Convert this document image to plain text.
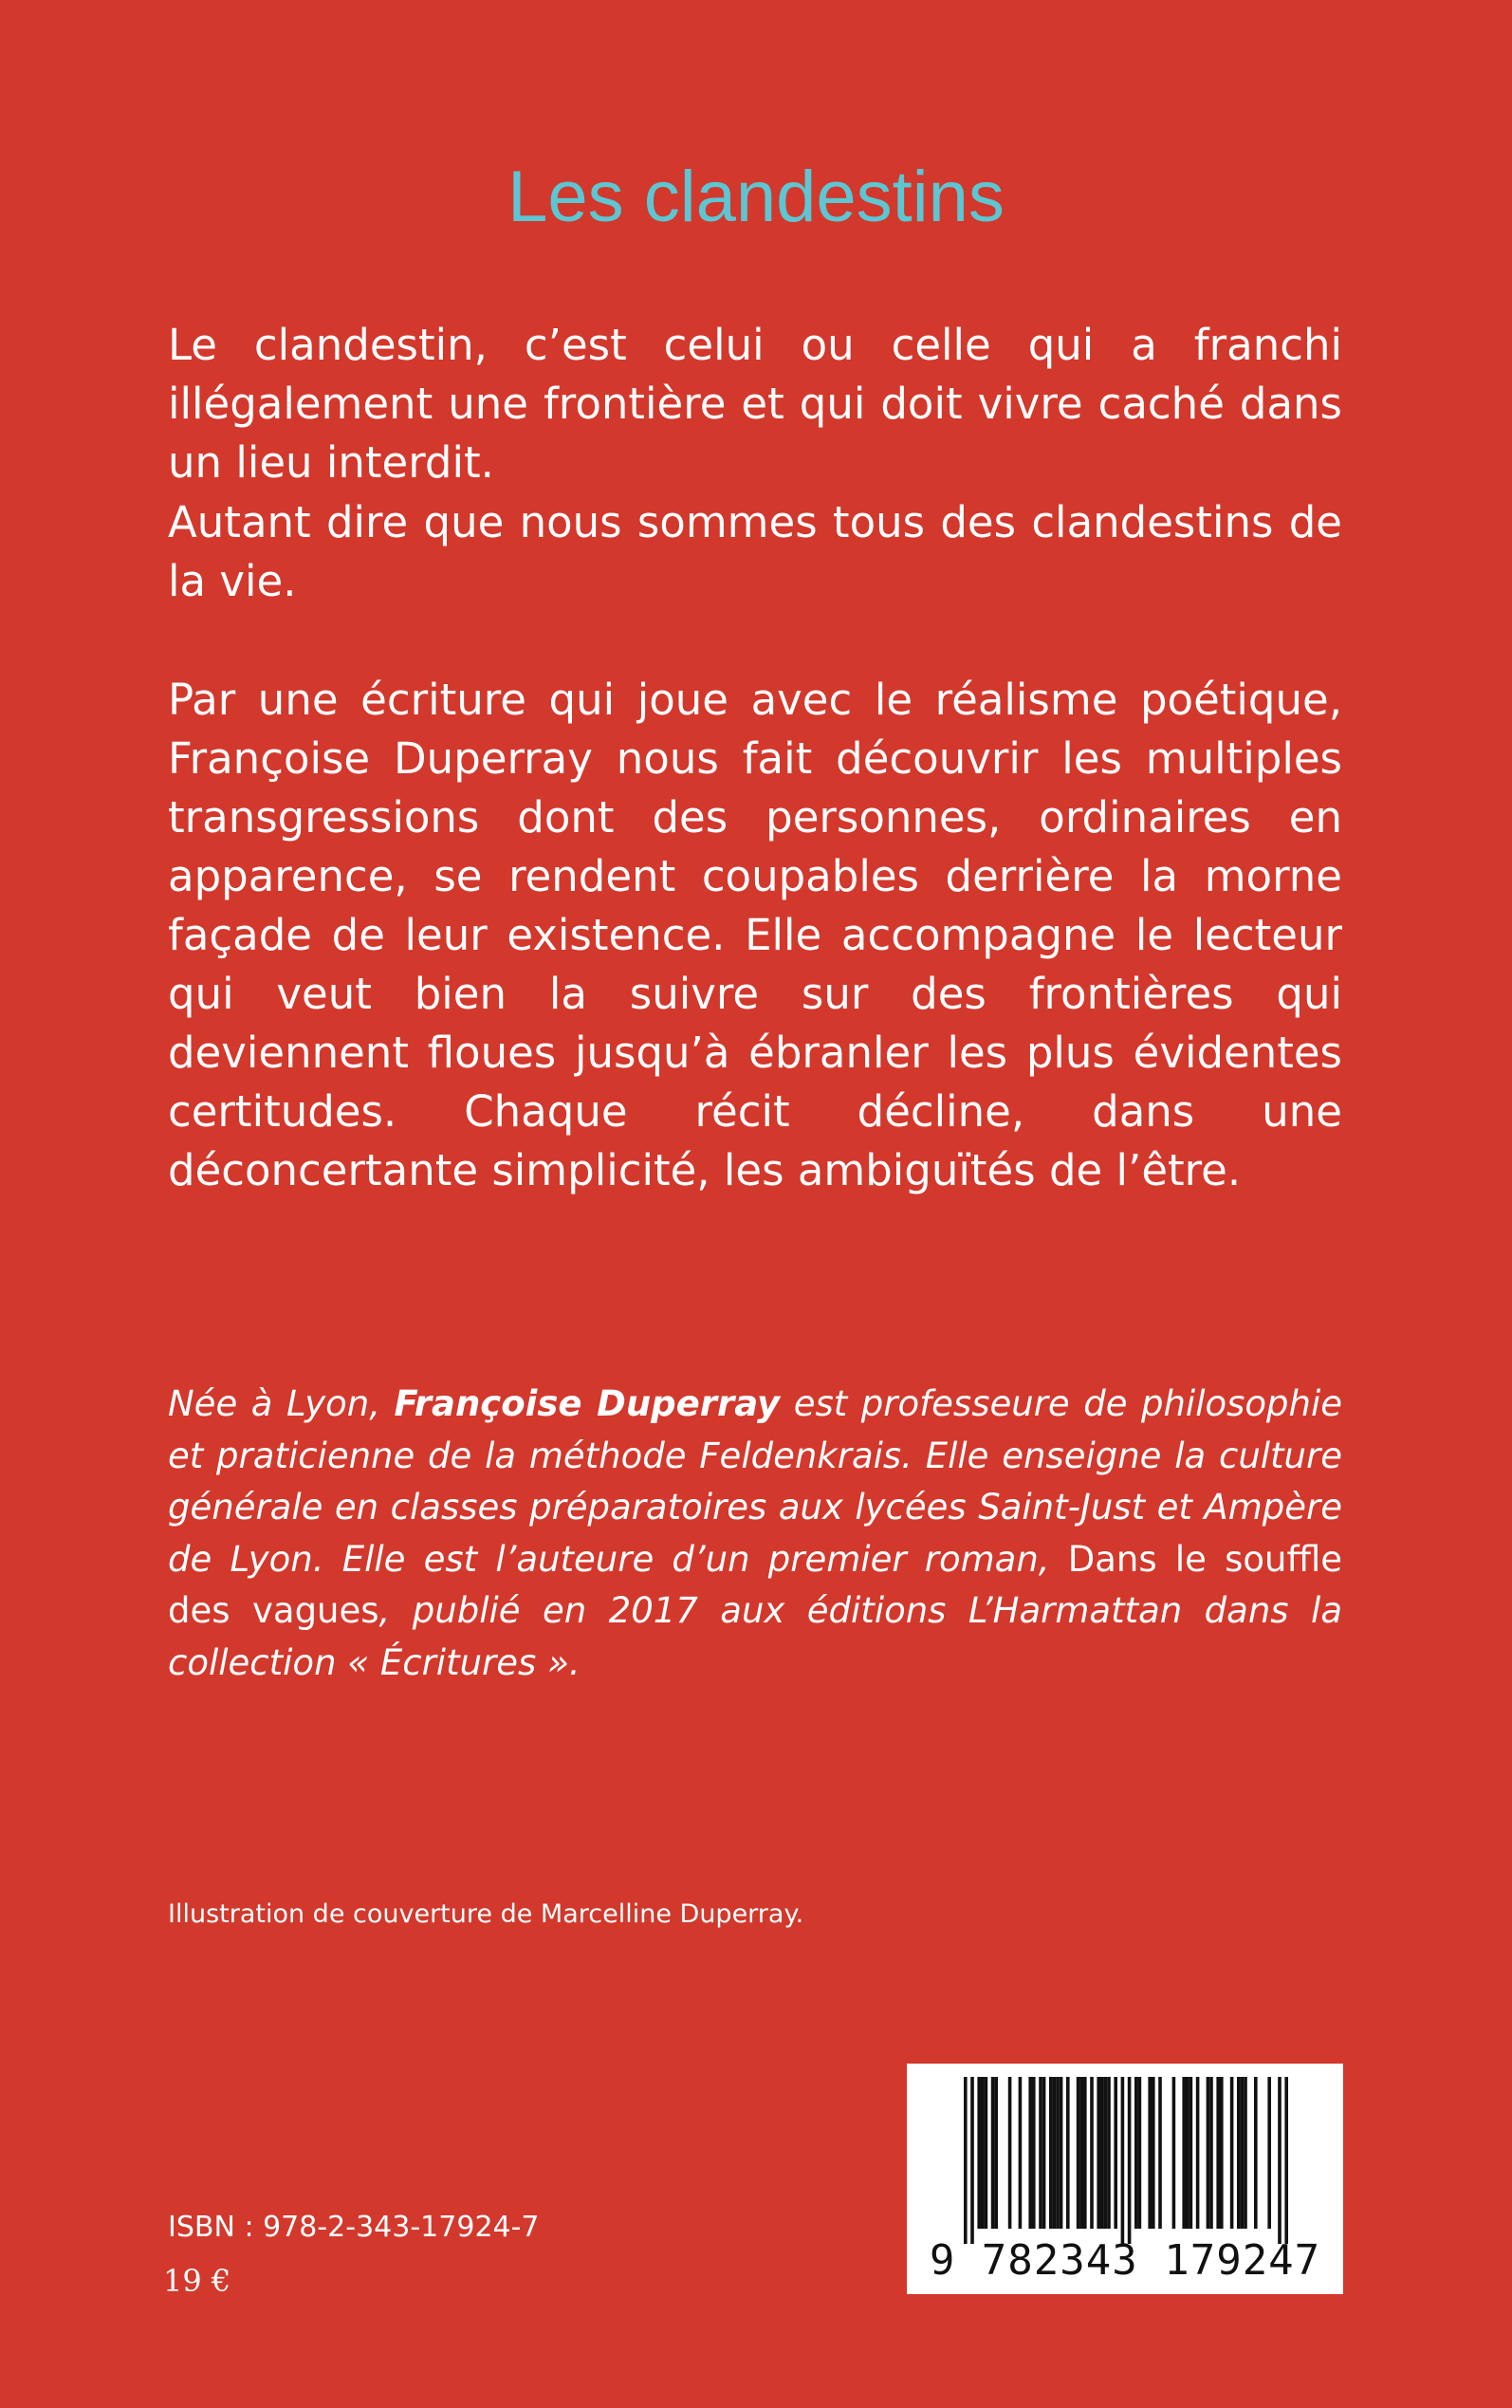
Les clandestins
Le clandestin, c’est celui ou celle qui a franchi illégalement une frontière et qui doit vivre caché dans un lieu interdit.
Autant dire que nous sommes tous des clandestins de la vie.
Par une écriture qui joue avec le réalisme poétique, Françoise Duperray nous fait découvrir les multiples transgressions dont des personnes, ordinaires en apparence, se rendent coupables derrière la morne façade de leur existence. Elle accompagne le lecteur qui veut bien la suivre sur des frontières qui deviennent floues jusqu’à ébranler les plus évidentes certitudes. Chaque récit décline, dans une déconcertante simplicité, les ambiguïtés de l’être.
Née à Lyon, Françoise Duperray est professeure de philosophie et praticienne de la méthode Feldenkrais. Elle enseigne la culture générale en classes préparatoires aux lycées Saint-Just et Ampère de Lyon. Elle est l’auteure d’un premier roman, Dans le souffle des vagues, publié en 2017 aux éditions L’Harmattan dans la collection « Écritures ».
Illustration de couverture de Marcelline Duperray.
ISBN : 978-2-343-17924-7
19 €	9 782343 179247
